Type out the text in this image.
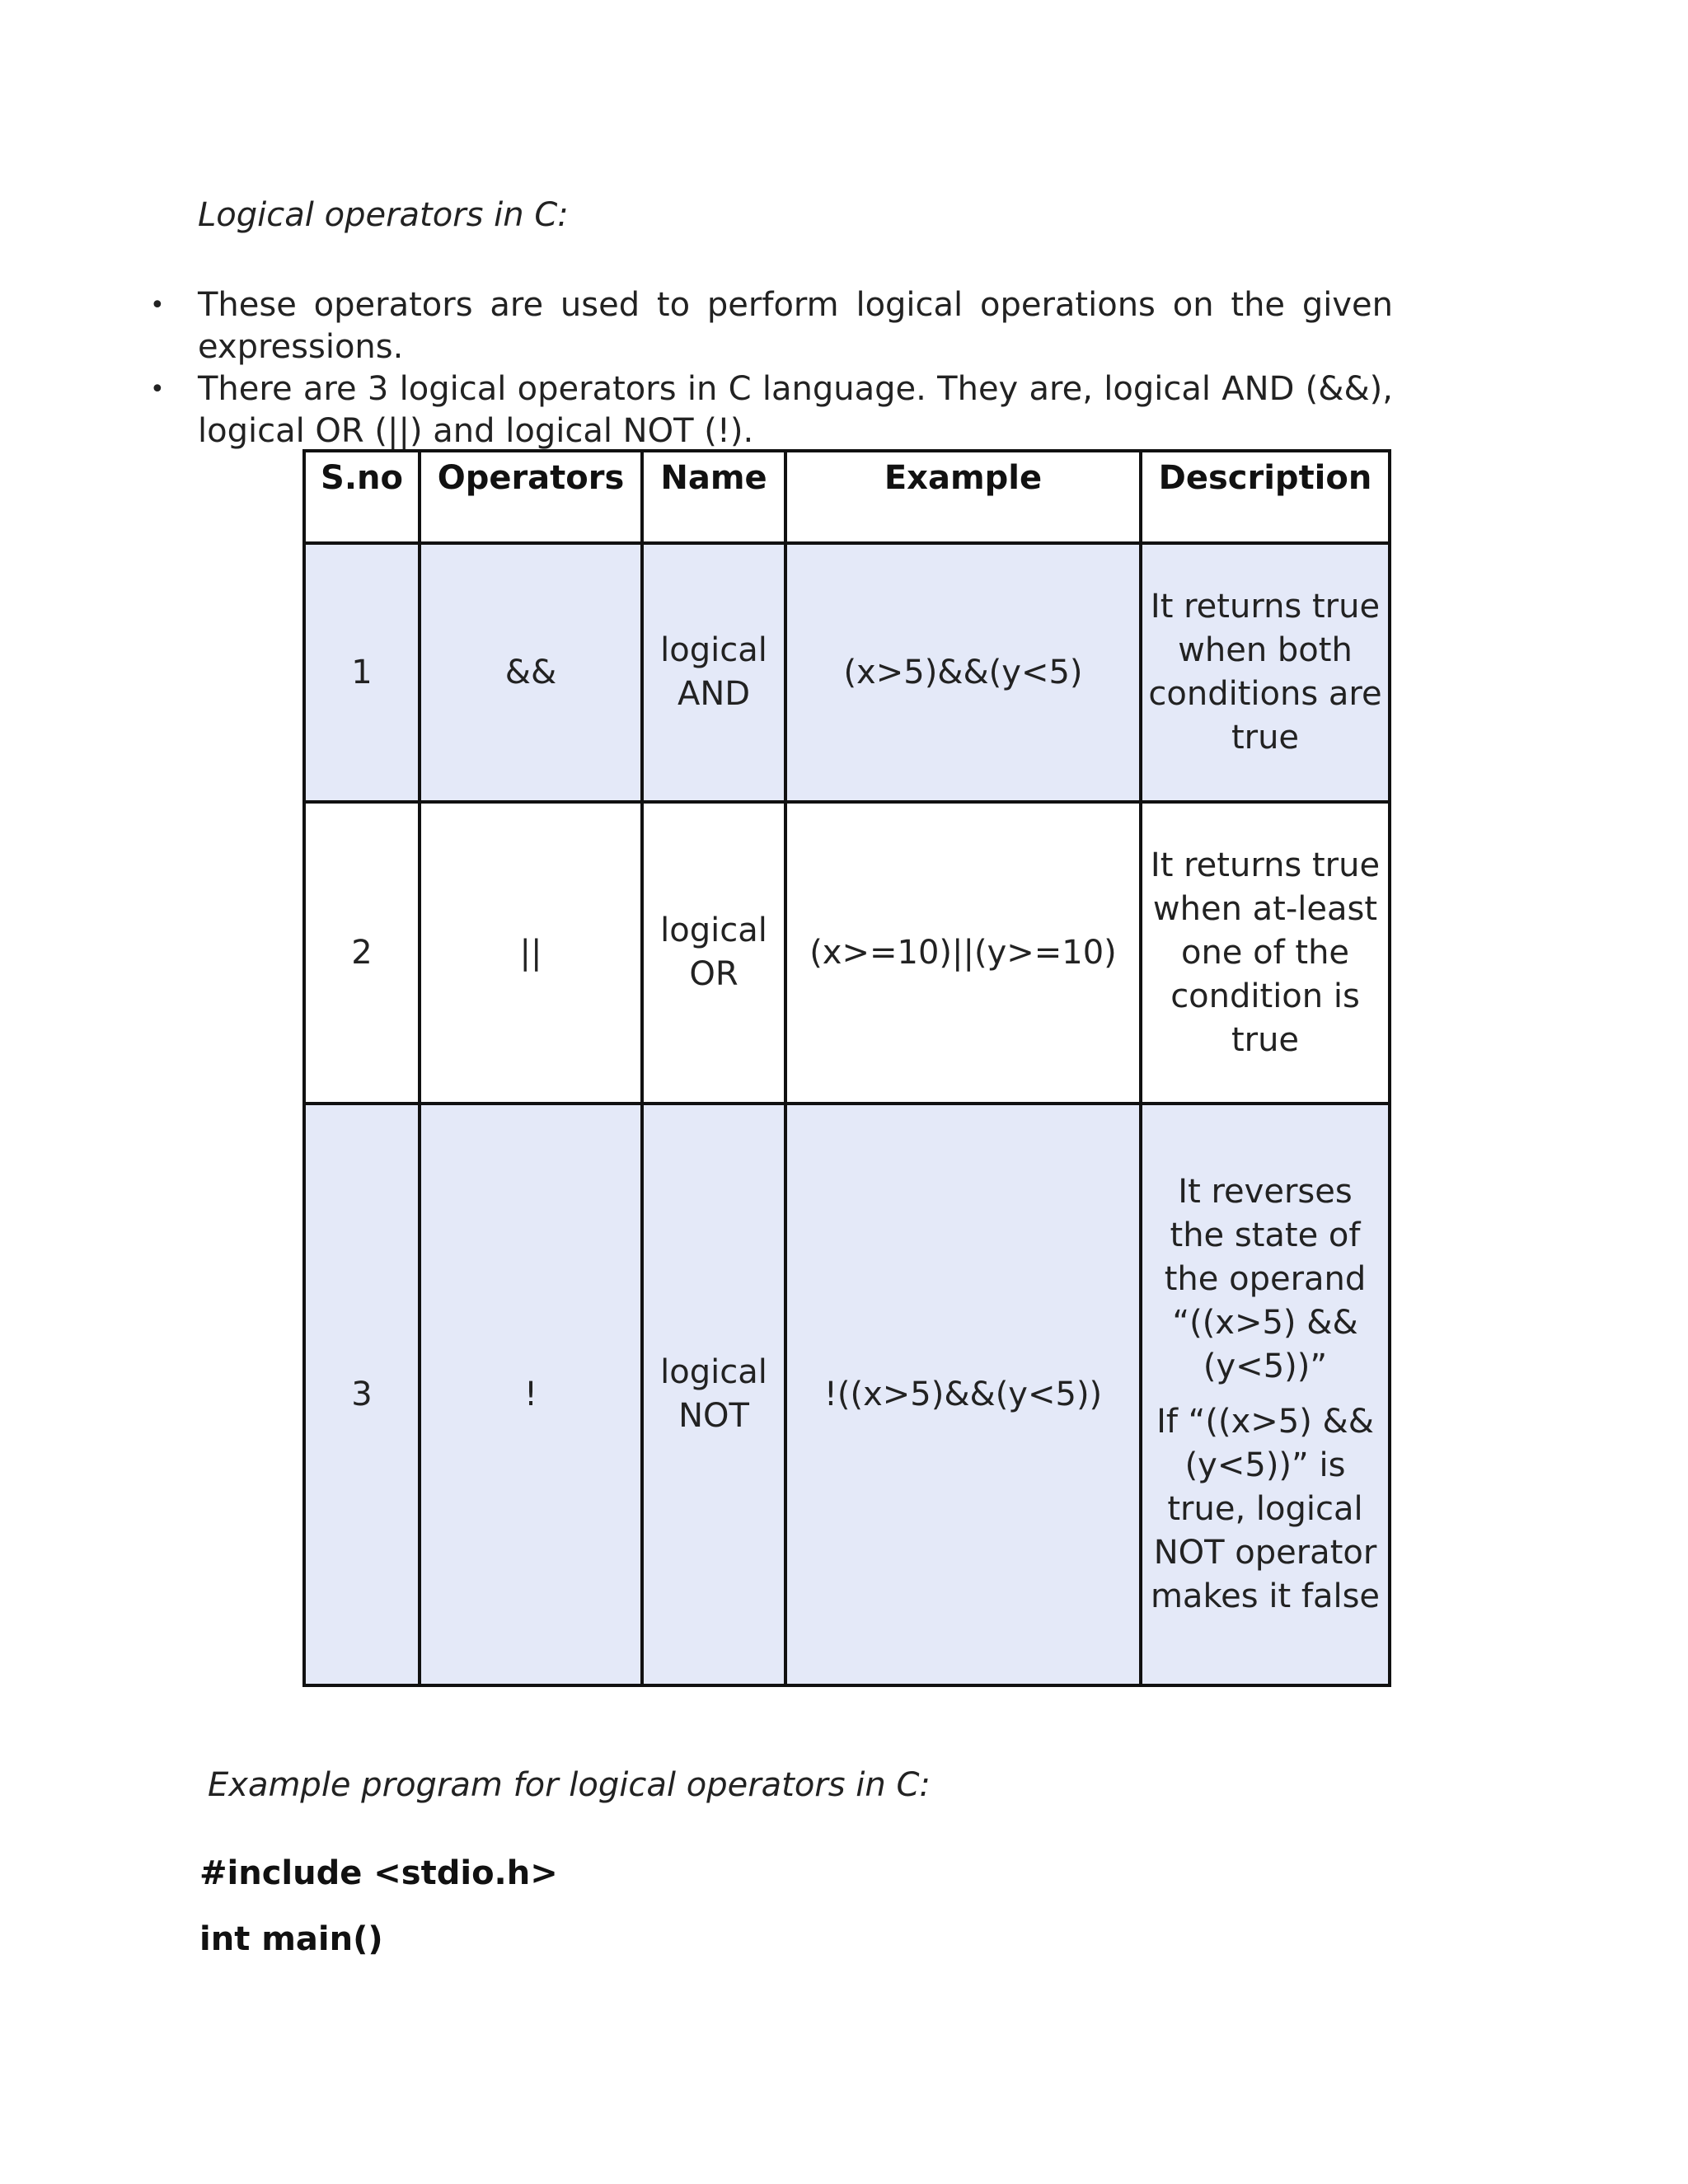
Logical operators in C:
• These operators are used to perform logical operations on the given expressions.
• There are 3 logical operators in C language. They are, logical AND (&&), logical OR (||) and logical NOT (!).
S.no	Operators	Name	Example	Description
1	&&	logical AND	(x>5)&&(y<5)	It returns true when both conditions are true

2	||	logical OR	(x>=10)||(y>=10)	It returns true when at-least one of the condition is true

3	!	logical NOT	!((x>5)&&(y<5))	It reverses the state of the operand “((x>5) && (y<5))”
If “((x>5) && (y<5))” is true, logical NOT operator makes it false
Example program for logical operators in C:
#include <stdio.h>
int main()
